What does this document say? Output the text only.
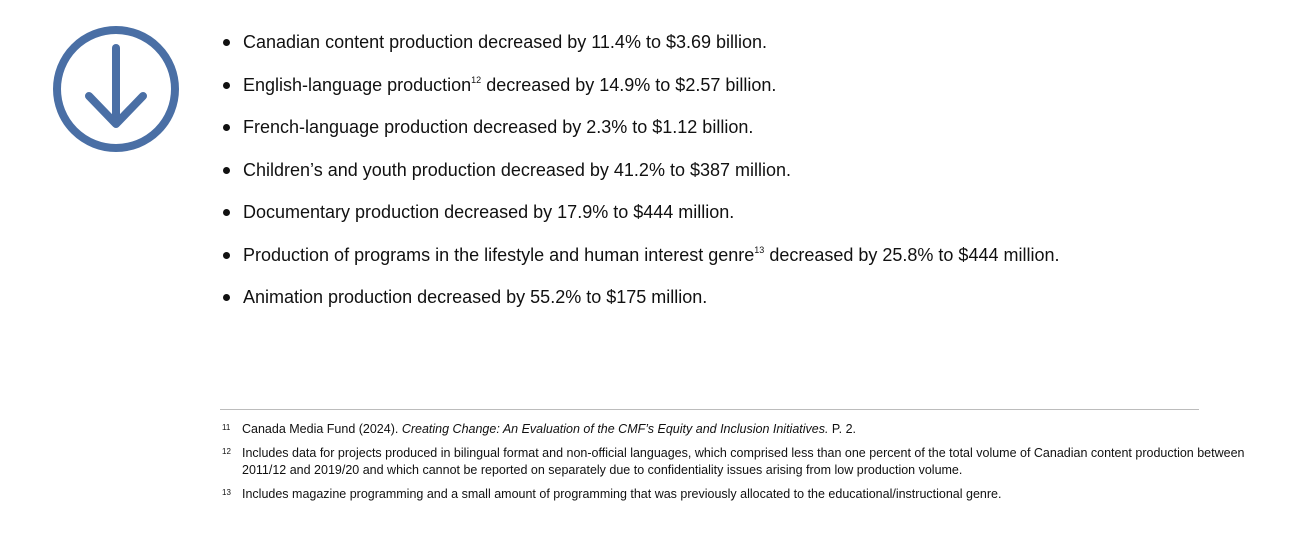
Canadian content production decreased by 11.4% to $3.69 billion.
English-language production$^{12}$ decreased by 14.9% to $2.57 billion.
French-language production decreased by 2.3% to $1.12 billion.
Children’s and youth production decreased by 41.2% to $387 million.
Documentary production decreased by 17.9% to $444 million.
Production of programs in the lifestyle and human interest genre$^{13}$ decreased by 25.8% to $444 million.
Animation production decreased by 55.2% to $175 million.
11 Canada Media Fund (2024). Creating Change: An Evaluation of the CMF’s Equity and Inclusion Initiatives. P. 2.
12 Includes data for projects produced in bilingual format and non-official languages, which comprised less than one percent of the total volume of Canadian content production between 2011/12 and 2019/20 and which cannot be reported on separately due to confidentiality issues arising from low production volume.
13 Includes magazine programming and a small amount of programming that was previously allocated to the educational/instructional genre.
